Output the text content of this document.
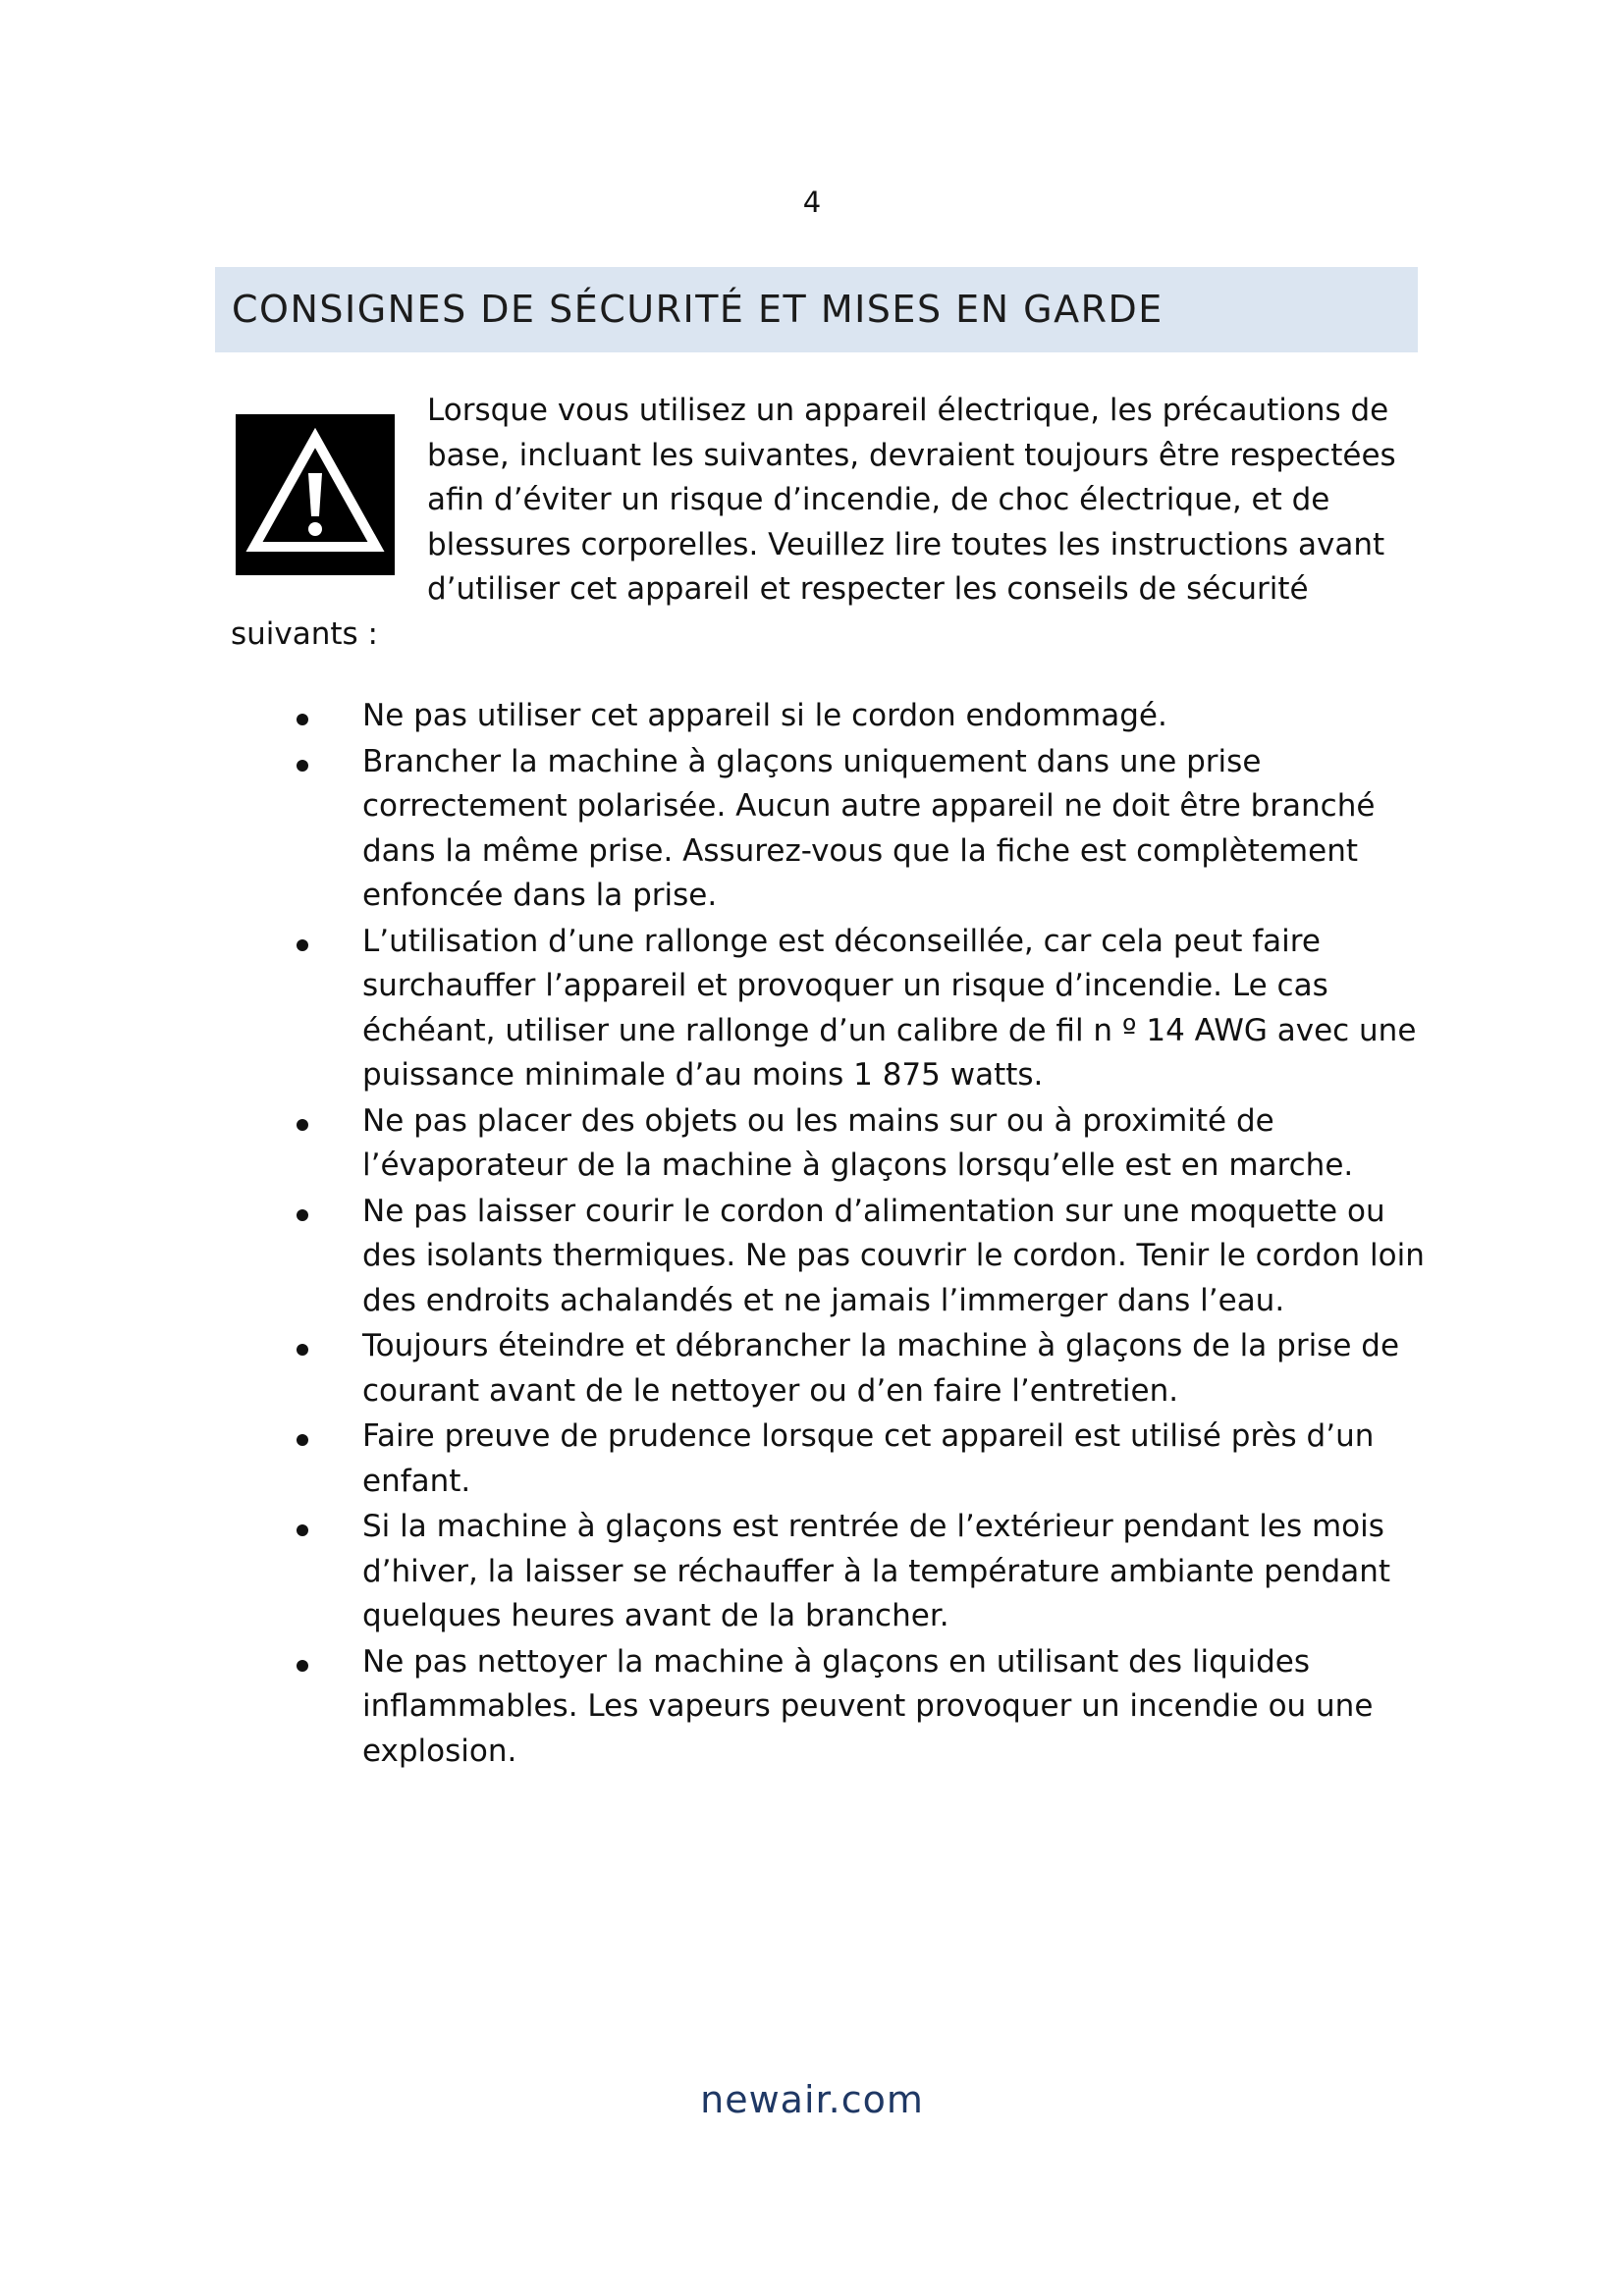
4
CONSIGNES DE SÉCURITÉ ET MISES EN GARDE
Lorsque vous utilisez un appareil électrique, les précautions de
base, incluant les suivantes, devraient toujours être respectées
afin d’éviter un risque d’incendie, de choc électrique, et de
blessures corporelles. Veuillez lire toutes les instructions avant
d’utiliser cet appareil et respecter les conseils de sécurité
suivants :
Ne pas utiliser cet appareil si le cordon endommagé.
Brancher la machine à glaçons uniquement dans une prise
correctement polarisée. Aucun autre appareil ne doit être branché
dans la même prise. Assurez-vous que la fiche est complètement
enfoncée dans la prise.
L’utilisation d’une rallonge est déconseillée, car cela peut faire
surchauffer l’appareil et provoquer un risque d’incendie. Le cas
échéant, utiliser une rallonge d’un calibre de fil n º 14 AWG avec une
puissance minimale d’au moins 1 875 watts.
Ne pas placer des objets ou les mains sur ou à proximité de
l’évaporateur de la machine à glaçons lorsqu’elle est en marche.
Ne pas laisser courir le cordon d’alimentation sur une moquette ou
des isolants thermiques. Ne pas couvrir le cordon. Tenir le cordon loin
des endroits achalandés et ne jamais l’immerger dans l’eau.
Toujours éteindre et débrancher la machine à glaçons de la prise de
courant avant de le nettoyer ou d’en faire l’entretien.
Faire preuve de prudence lorsque cet appareil est utilisé près d’un
enfant.
Si la machine à glaçons est rentrée de l’extérieur pendant les mois
d’hiver, la laisser se réchauffer à la température ambiante pendant
quelques heures avant de la brancher.
Ne pas nettoyer la machine à glaçons en utilisant des liquides
inflammables. Les vapeurs peuvent provoquer un incendie ou une
explosion.
newair.com
